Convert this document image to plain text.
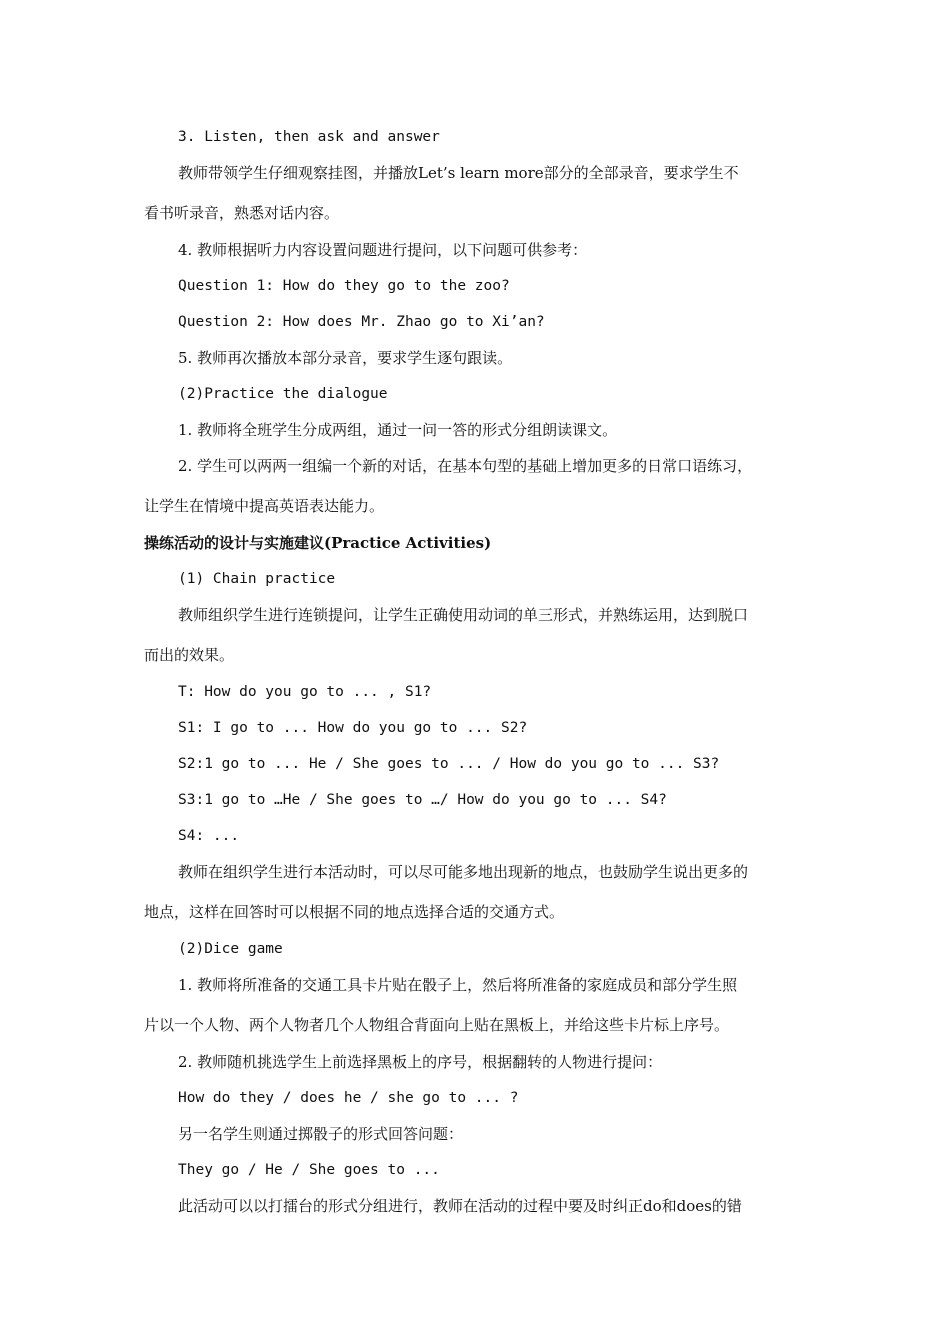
3. Listen, then ask and answer
教师带领学生仔细观察挂图，并播放Let’s learn more部分的全部录音，要求学生不
看书听录音，熟悉对话内容。
4. 教师根据听力内容设置问题进行提问，以下问题可供参考：
Question 1: How do they go to the zoo?
Question 2: How does Mr. Zhao go to Xi’an?
5. 教师再次播放本部分录音，要求学生逐句跟读。
(2)Practice the dialogue
1. 教师将全班学生分成两组，通过一问一答的形式分组朗读课文。
2. 学生可以两两一组编一个新的对话，在基本句型的基础上增加更多的日常口语练习，
让学生在情境中提高英语表达能力。
操练活动的设计与实施建议(Practice Activities)
(1) Chain practice
教师组织学生进行连锁提问，让学生正确使用动词的单三形式，并熟练运用，达到脱口
而出的效果。
T: How do you go to ... , S1?
S1: I go to ... How do you go to ... S2?
S2:1 go to ... He / She goes to ... / How do you go to ... S3?
S3:1 go to …He / She goes to …/ How do you go to ... S4?
S4: ...
教师在组织学生进行本活动时，可以尽可能多地出现新的地点，也鼓励学生说出更多的
地点，这样在回答时可以根据不同的地点选择合适的交通方式。
(2)Dice game
1. 教师将所准备的交通工具卡片贴在骰子上，然后将所准备的家庭成员和部分学生照
片以一个人物、两个人物者几个人物组合背面向上贴在黑板上，并给这些卡片标上序号。
2. 教师随机挑选学生上前选择黑板上的序号，根据翻转的人物进行提问：
How do they / does he / she go to ... ?
另一名学生则通过掷骰子的形式回答问题：
They go / He / She goes to ...
此活动可以以打擂台的形式分组进行，教师在活动的过程中要及时纠正do和does的错
